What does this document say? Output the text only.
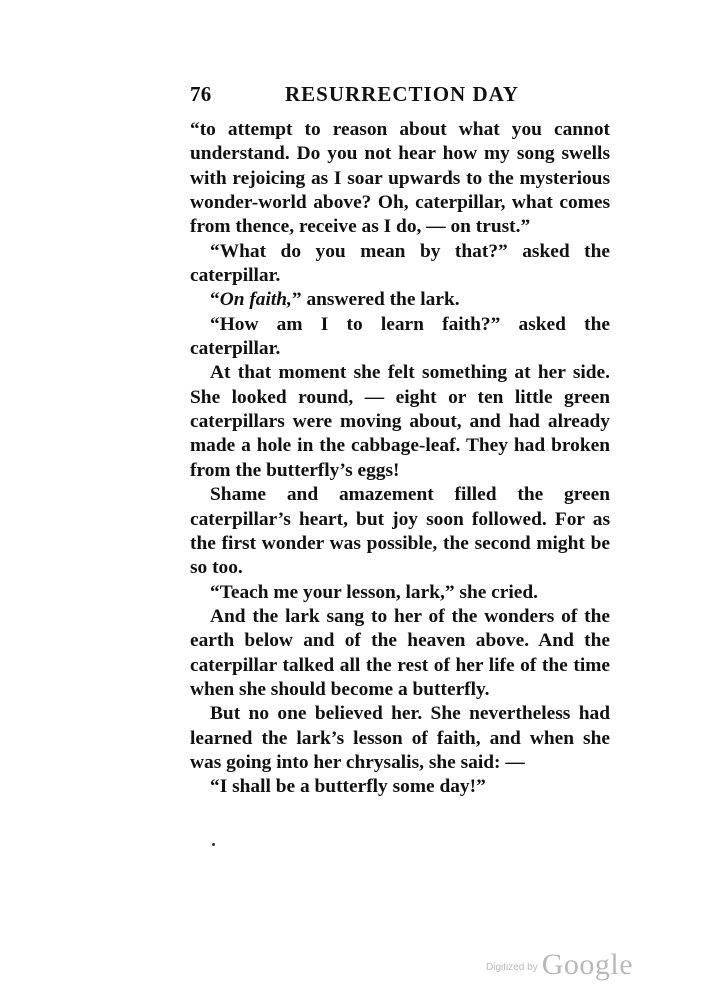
76	RESURRECTION DAY

“to attempt to reason about what you cannot understand. Do you not hear how my song swells with rejoicing as I soar upwards to the mysterious wonder-world above? Oh, caterpillar, what comes from thence, receive as I do, — on trust.”

“What do you mean by that?” asked the caterpillar.

“On faith,” answered the lark.

“How am I to learn faith?” asked the caterpillar.

At that moment she felt something at her side. She looked round, — eight or ten little green caterpillars were moving about, and had already made a hole in the cabbage-leaf. They had broken from the butterfly’s eggs!

Shame and amazement filled the green caterpillar’s heart, but joy soon followed. For as the first wonder was possible, the second might be so too.

“Teach me your lesson, lark,” she cried.

And the lark sang to her of the wonders of the earth below and of the heaven above. And the caterpillar talked all the rest of her life of the time when she should become a butterfly.

But no one believed her. She nevertheless had learned the lark’s lesson of faith, and when she was going into her chrysalis, she said: —

“I shall be a butterfly some day!”

$^{Digitized by}$ Google
